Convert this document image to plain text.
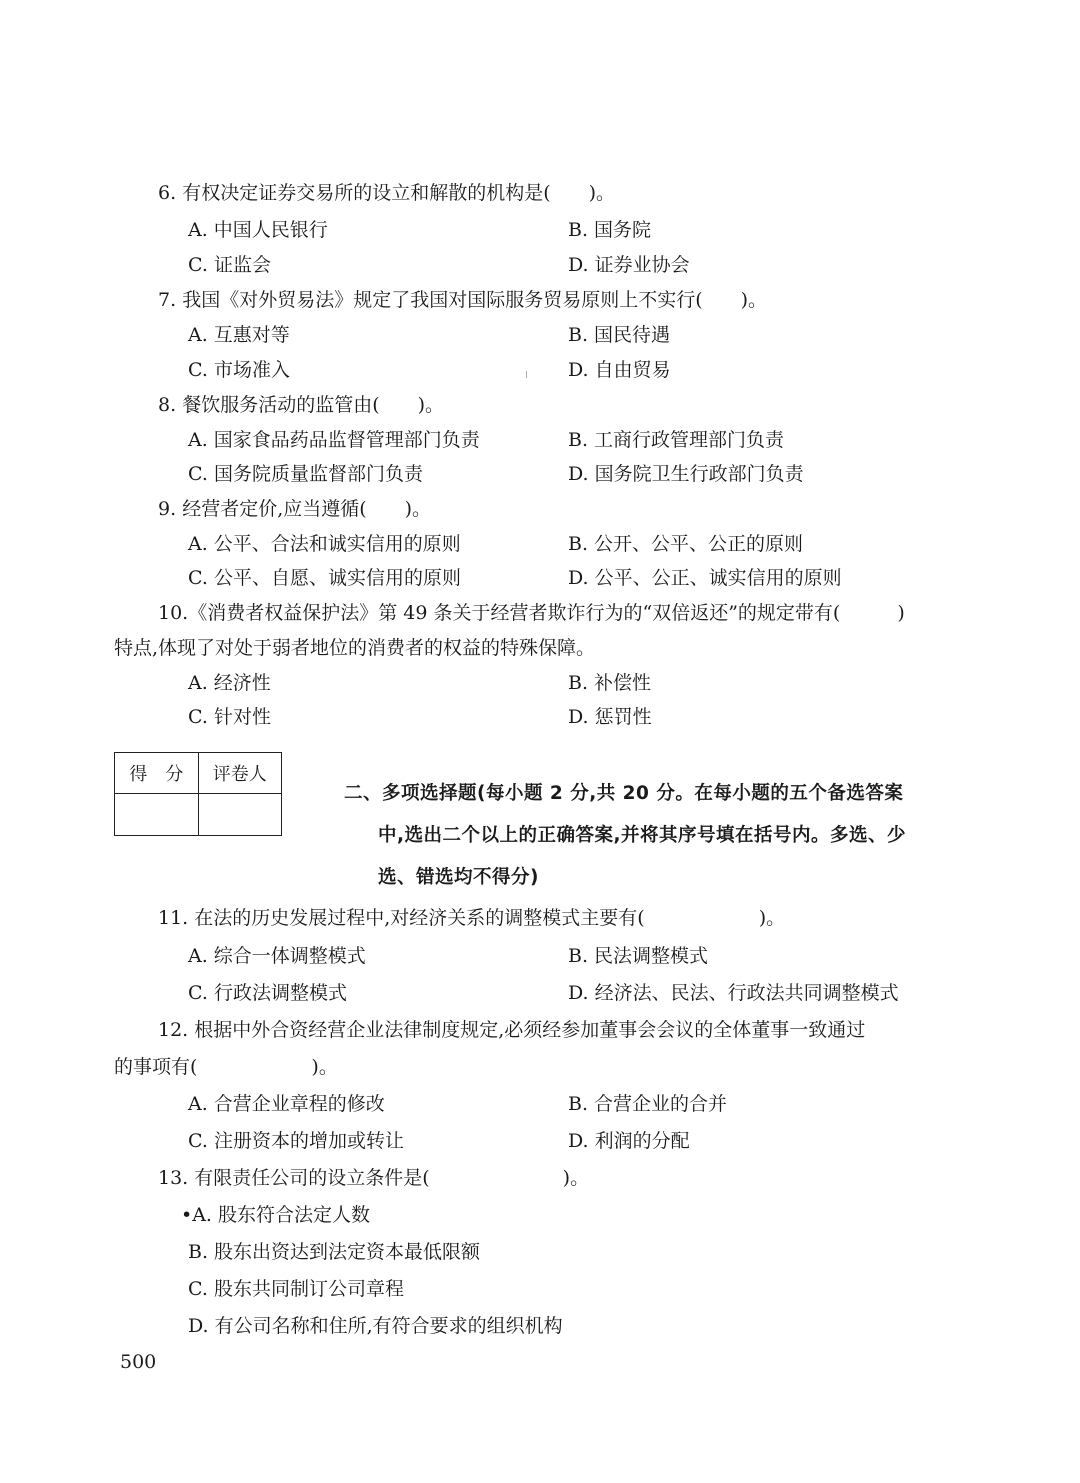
6. 有权决定证券交易所的设立和解散的机构是(　　)。
A. 中国人民银行	B. 国务院
C. 证监会	D. 证券业协会
7. 我国《对外贸易法》规定了我国对国际服务贸易原则上不实行(　　)。
A. 互惠对等	B. 国民待遇
C. 市场准入	D. 自由贸易
8. 餐饮服务活动的监管由(　　)。
A. 国家食品药品监督管理部门负责	B. 工商行政管理部门负责
C. 国务院质量监督部门负责	D. 国务院卫生行政部门负责
9. 经营者定价,应当遵循(　　)。
A. 公平、合法和诚实信用的原则	B. 公开、公平、公正的原则
C. 公平、自愿、诚实信用的原则	D. 公平、公正、诚实信用的原则
10.《消费者权益保护法》第 49 条关于经营者欺诈行为的“双倍返还”的规定带有(　　　)
特点,体现了对处于弱者地位的消费者的权益的特殊保障。
A. 经济性	B. 补偿性
C. 针对性	D. 惩罚性
得　分	评卷人

二、多项选择题(每小题 2 分,共 20 分。在每小题的五个备选答案
中,选出二个以上的正确答案,并将其序号填在括号内。多选、少
选、错选均不得分)
11. 在法的历史发展过程中,对经济关系的调整模式主要有(　　　　　　)。
A. 综合一体调整模式	B. 民法调整模式
C. 行政法调整模式	D. 经济法、民法、行政法共同调整模式
12. 根据中外合资经营企业法律制度规定,必须经参加董事会会议的全体董事一致通过
的事项有(　　　　　　)。
A. 合营企业章程的修改	B. 合营企业的合并
C. 注册资本的增加或转让	D. 利润的分配
13. 有限责任公司的设立条件是(　　　　　　　)。
•A. 股东符合法定人数
B. 股东出资达到法定资本最低限额
C. 股东共同制订公司章程
D. 有公司名称和住所,有符合要求的组织机构
500
